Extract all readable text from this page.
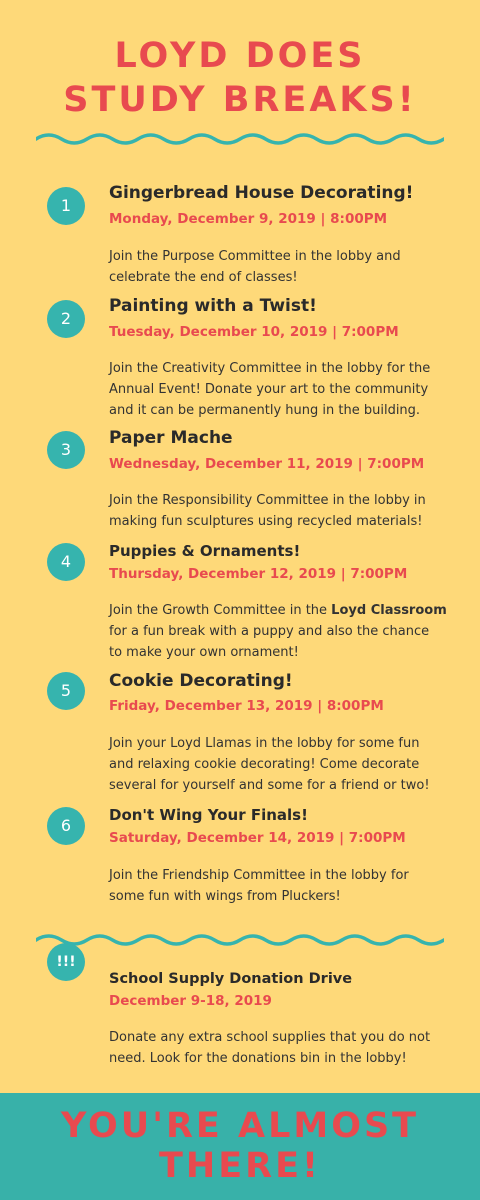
LOYD DOES
STUDY BREAKS!
1
Gingerbread House Decorating!
Monday, December 9, 2019 | 8:00PM
Join the Purpose Committee in the lobby and
celebrate the end of classes!
2
Painting with a Twist!
Tuesday, December 10, 2019 | 7:00PM
Join the Creativity Committee in the lobby for the
Annual Event! Donate your art to the community
and it can be permanently hung in the building.
3
Paper Mache
Wednesday, December 11, 2019 | 7:00PM
Join the Responsibility Committee in the lobby in
making fun sculptures using recycled materials!
4
Puppies & Ornaments!
Thursday, December 12, 2019 | 7:00PM
Join the Growth Committee in the Loyd Classroom
for a fun break with a puppy and also the chance
to make your own ornament!
5	Cookie Decorating!
Friday, December 13, 2019 | 8:00PM
Join your Loyd Llamas in the lobby for some fun
and relaxing cookie decorating! Come decorate
several for yourself and some for a friend or two!
6
Don't Wing Your Finals!
Saturday, December 14, 2019 | 7:00PM
Join the Friendship Committee in the lobby for
some fun with wings from Pluckers!
!!!
School Supply Donation Drive
December 9-18, 2019
Donate any extra school supplies that you do not
need. Look for the donations bin in the lobby!
YOU'RE ALMOST
THERE!
